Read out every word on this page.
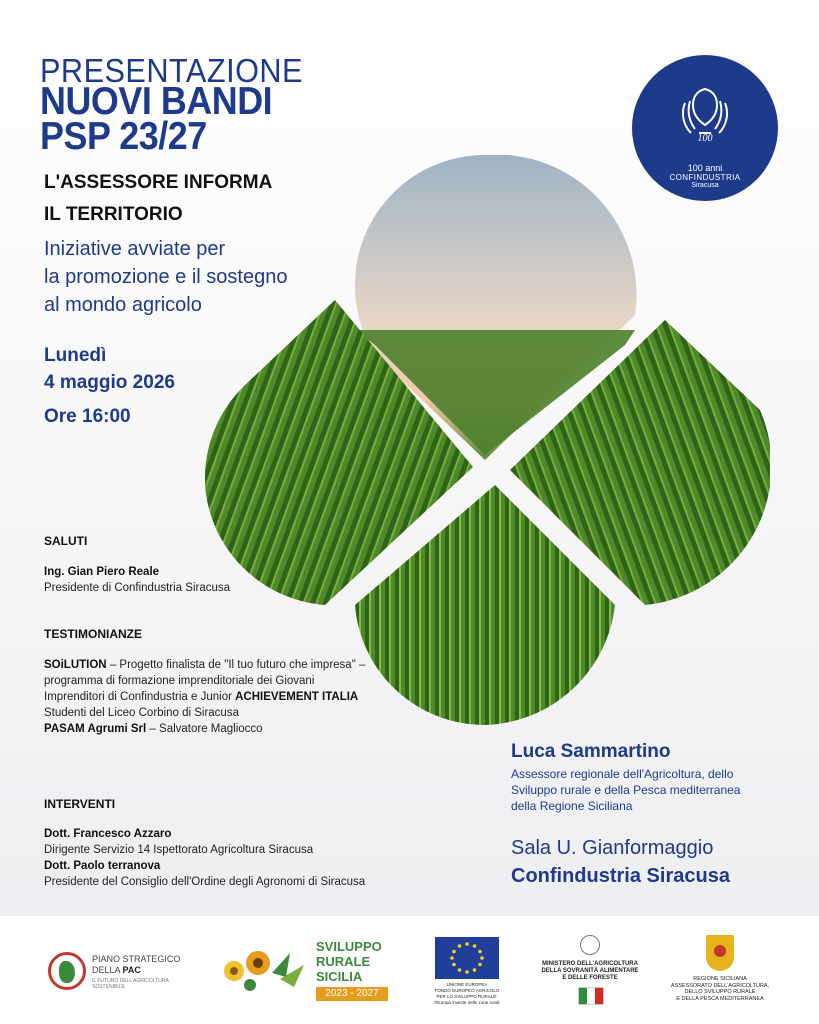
PRESENTAZIONE
NUOVI BANDI
PSP 23/27
L'ASSESSORE INFORMA
IL TERRITORIO
Iniziative avviate per
la promozione e il sostegno
al mondo agricolo
Lunedì
4 maggio 2026
Ore 16:00
100
100 anni
CONFINDUSTRIA
Siracusa
SALUTI
Ing. Gian Piero Reale
Presidente di Confindustria Siracusa
TESTIMONIANZE
SOiLUTION – Progetto finalista de "Il tuo futuro che impresa" – programma di formazione imprenditoriale dei Giovani Imprenditori di Confindustria e Junior ACHIEVEMENT ITALIA
Studenti del Liceo Corbino di Siracusa
PASAM Agrumi Srl – Salvatore Magliocco
INTERVENTI
Dott. Francesco Azzaro
Dirigente Servizio 14 Ispettorato Agricoltura Siracusa
Dott. Paolo terranova
Presidente del Consiglio dell'Ordine degli Agronomi di Siracusa
Luca Sammartino
Assessore regionale dell'Agricoltura, dello
Sviluppo rurale e della Pesca mediterranea
della Regione Siciliana
Sala U. Gianformaggio
Confindustria Siracusa
PIANO STRATEGICO
DELLA PAC
IL FUTURO DELL'AGRICOLTURA SOSTENIBILE
SVILUPPO
RURALE
SICILIA
2023 - 2027
UNIONE EUROPEA
FONDO EUROPEO AGRICOLO
PER LO SVILUPPO RURALE:
l'Europa investe nelle zone rurali
MINISTERO DELL'AGRICOLTURA
DELLA SOVRANITÀ ALIMENTARE
E DELLE FORESTE	REGIONE SICILIANA
ASSESSORATO DELL'AGRICOLTURA,
DELLO SVILUPPO RURALE
E DELLA PESCA MEDITERRANEA
